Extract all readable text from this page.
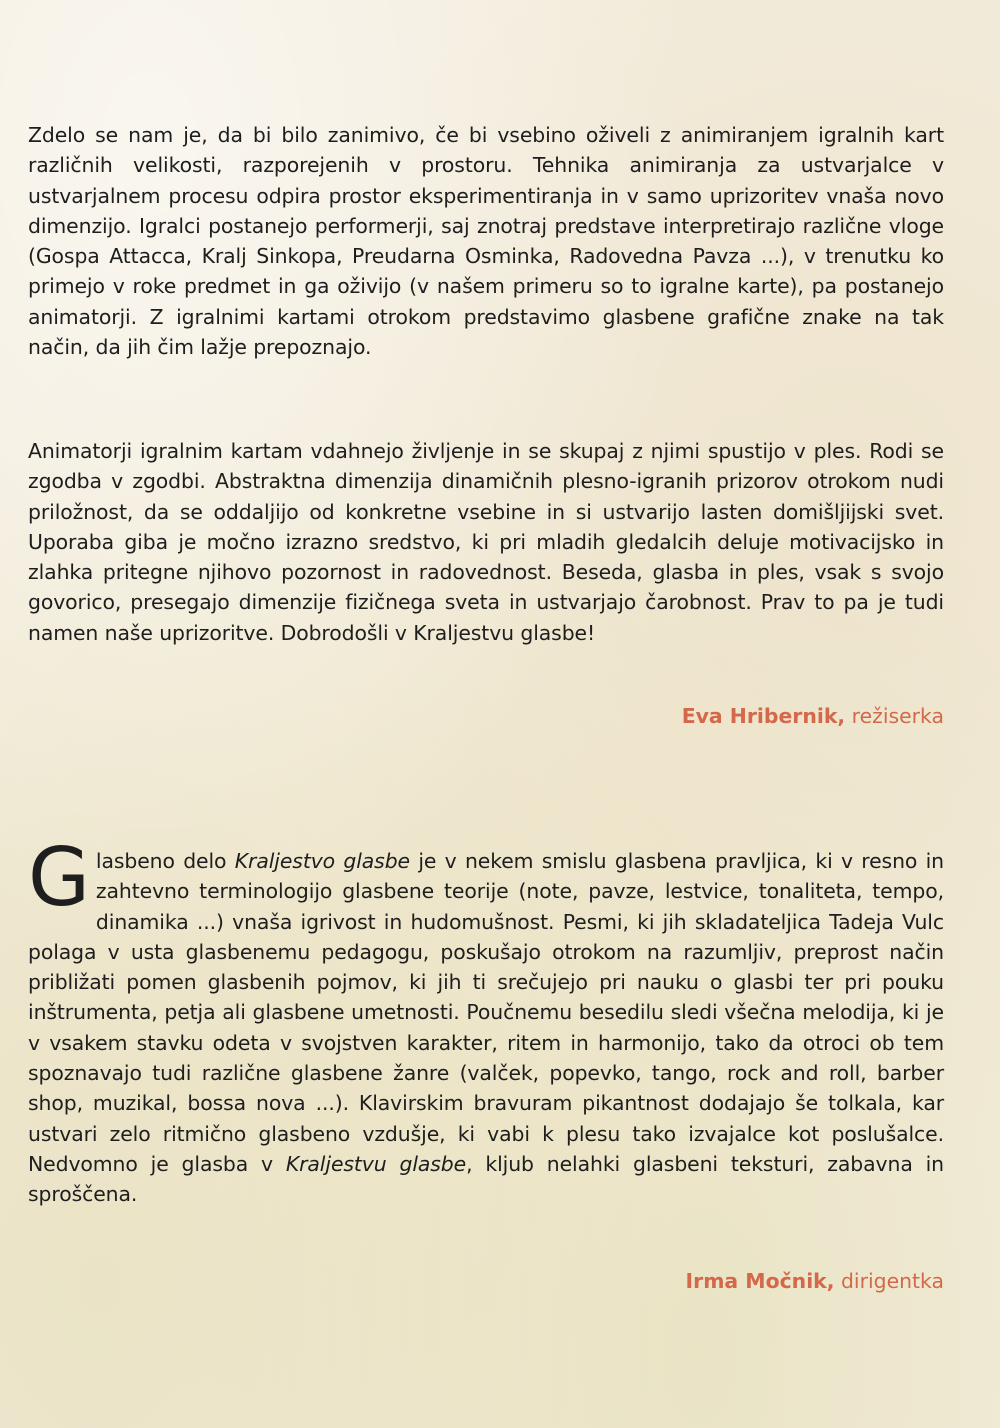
Zdelo se nam je, da bi bilo zanimivo, če bi vsebino oživeli z animiranjem igralnih kart različnih velikosti, razporejenih v prostoru. Tehnika animiranja za ustvarjalce v ustvarjalnem procesu odpira prostor eksperimentiranja in v samo uprizoritev vnaša novo dimenzijo. Igralci postanejo performerji, saj znotraj predstave interpretirajo različne vloge (Gospa Attacca, Kralj Sinkopa, Preudarna Osminka, Radovedna Pavza ...), v trenutku ko primejo v roke predmet in ga oživijo (v našem primeru so to igralne karte), pa postanejo animatorji. Z igralnimi kartami otrokom predstavimo glasbene grafične znake na tak način, da jih čim lažje prepoznajo.

Animatorji igralnim kartam vdahnejo življenje in se skupaj z njimi spustijo v ples. Rodi se zgodba v zgodbi. Abstraktna dimenzija dinamičnih plesno-igranih prizorov otrokom nudi priložnost, da se oddaljijo od konkretne vsebine in si ustvarijo lasten domišljijski svet. Uporaba giba je močno izrazno sredstvo, ki pri mladih gledalcih deluje motivacijsko in zlahka pritegne njihovo pozornost in radovednost. Beseda, glasba in ples, vsak s svojo govorico, presegajo dimenzije fizičnega sveta in ustvarjajo čarobnost. Prav to pa je tudi namen naše uprizoritve. Dobrodošli v Kraljestvu glasbe!

Eva Hribernik, režiserka

Glasbeno delo Kraljestvo glasbe je v nekem smislu glasbena pravljica, ki v resno in zahtevno terminologijo glasbene teorije (note, pavze, lestvice, tonaliteta, tempo, dinamika ...) vnaša igrivost in hudomušnost. Pesmi, ki jih skladateljica Tadeja Vulc polaga v usta glasbenemu pedagogu, poskušajo otrokom na razumljiv, preprost način približati pomen glasbenih pojmov, ki jih ti srečujejo pri nauku o glasbi ter pri pouku inštrumenta, petja ali glasbene umetnosti. Poučnemu besedilu sledi všečna melodija, ki je v vsakem stavku odeta v svojstven karakter, ritem in harmonijo, tako da otroci ob tem spoznavajo tudi različne glasbene žanre (valček, popevko, tango, rock and roll, barber shop, muzikal, bossa nova ...). Klavirskim bravuram pikantnost dodajajo še tolkala, kar ustvari zelo ritmično glasbeno vzdušje, ki vabi k plesu tako izvajalce kot poslušalce. Nedvomno je glasba v Kraljestvu glasbe, kljub nelahki glasbeni teksturi, zabavna in sproščena.

Irma Močnik, dirigentka
